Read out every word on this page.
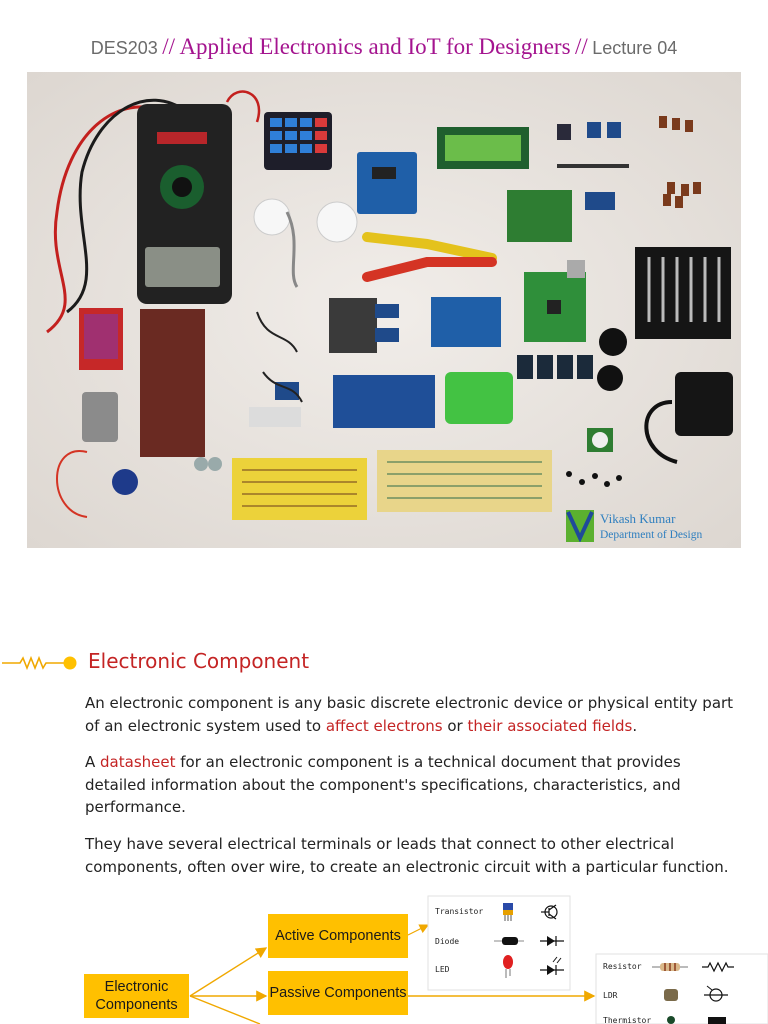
DES203 // Applied Electronics and IoT for Designers // Lecture 04
Vikash Kumar
Department of Design
Electronic Component

An electronic component is any basic discrete electronic device or physical entity part of an electronic system used to affect electrons or their associated fields.

A datasheet for an electronic component is a technical document that provides detailed information about the component's specifications, characteristics, and performance.

They have several electrical terminals or leads that connect to other electrical components, often over wire, to create an electronic circuit with a particular function.

Active Components
Passive Components
Electronic Components
Transistor
Diode
LED	Resistor
LDR
Thermistor
